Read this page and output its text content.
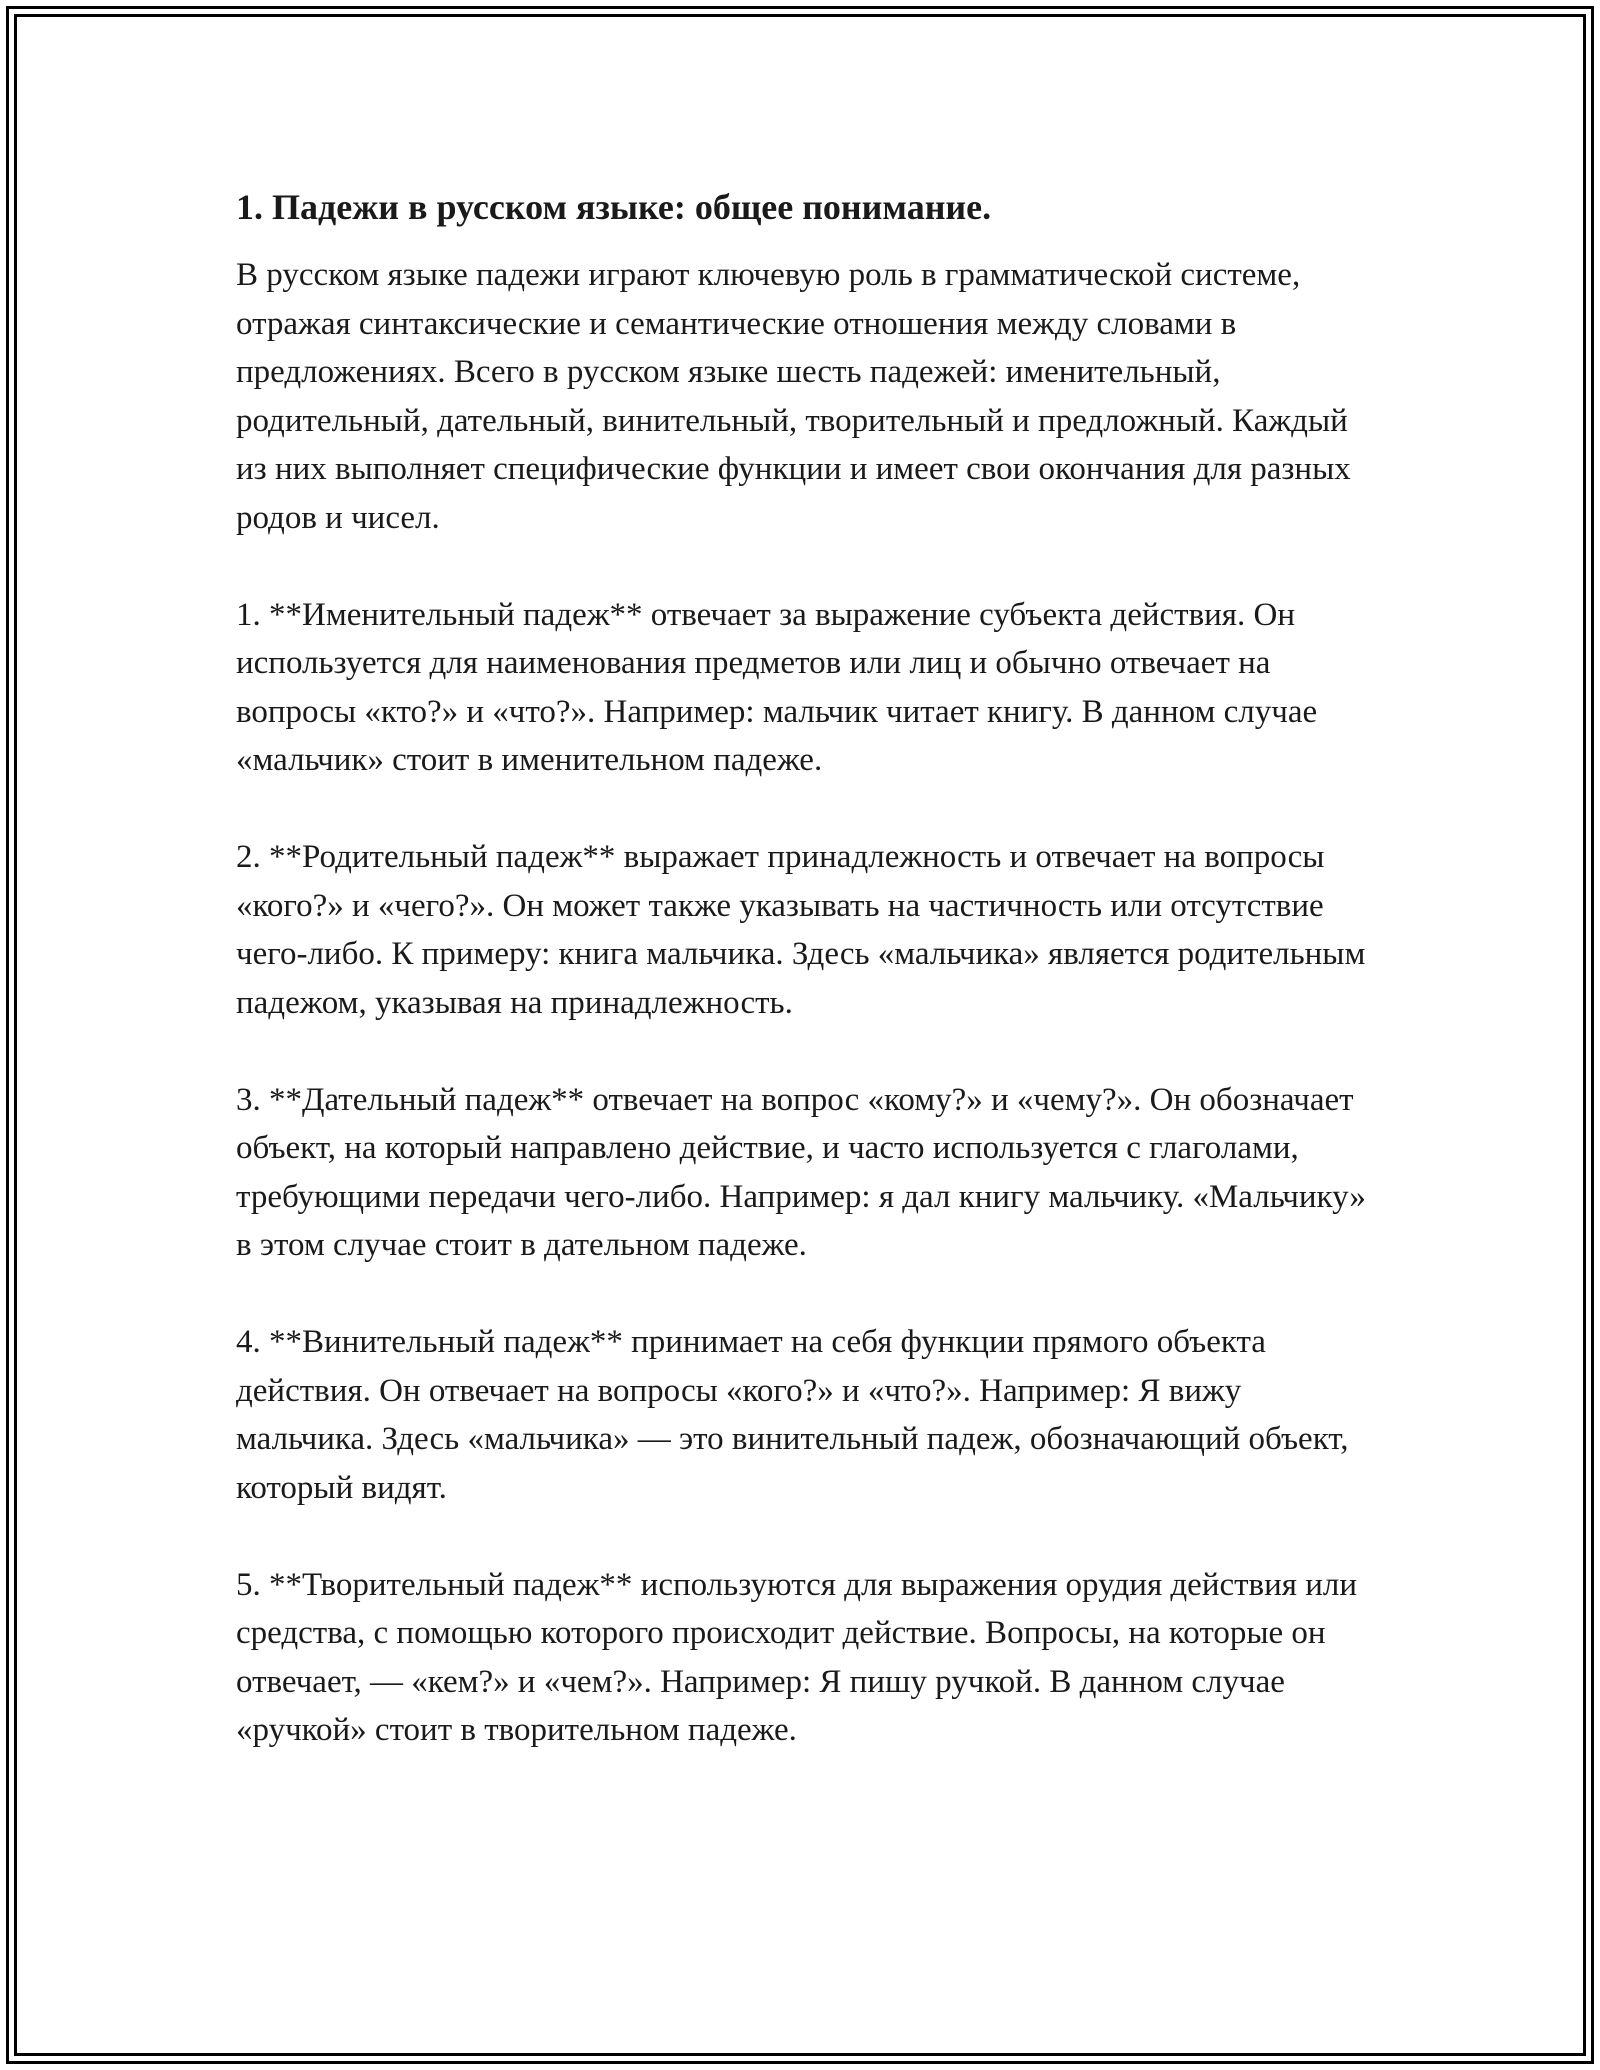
1. Падежи в русском языке: общее понимание.

В русском языке падежи играют ключевую роль в грамматической системе, отражая синтаксические и семантические отношения между словами в предложениях. Всего в русском языке шесть падежей: именительный, родительный, дательный, винительный, творительный и предложный. Каждый из них выполняет специфические функции и имеет свои окончания для разных родов и чисел.

1. **Именительный падеж** отвечает за выражение субъекта действия. Он используется для наименования предметов или лиц и обычно отвечает на вопросы «кто?» и «что?». Например: мальчик читает книгу. В данном случае «мальчик» стоит в именительном падеже.

2. **Родительный падеж** выражает принадлежность и отвечает на вопросы «кого?» и «чего?». Он может также указывать на частичность или отсутствие чего-либо. К примеру: книга мальчика. Здесь «мальчика» является родительным падежом, указывая на принадлежность.

3. **Дательный падеж** отвечает на вопрос «кому?» и «чему?». Он обозначает объект, на который направлено действие, и часто используется с глаголами, требующими передачи чего-либо. Например: я дал книгу мальчику. «Мальчику» в этом случае стоит в дательном падеже.

4. **Винительный падеж** принимает на себя функции прямого объекта действия. Он отвечает на вопросы «кого?» и «что?». Например: Я вижу мальчика. Здесь «мальчика» — это винительный падеж, обозначающий объект, который видят.

5. **Творительный падеж** используются для выражения орудия действия или средства, с помощью которого происходит действие. Вопросы, на которые он отвечает, — «кем?» и «чем?». Например: Я пишу ручкой. В данном случае «ручкой» стоит в творительном падеже.
